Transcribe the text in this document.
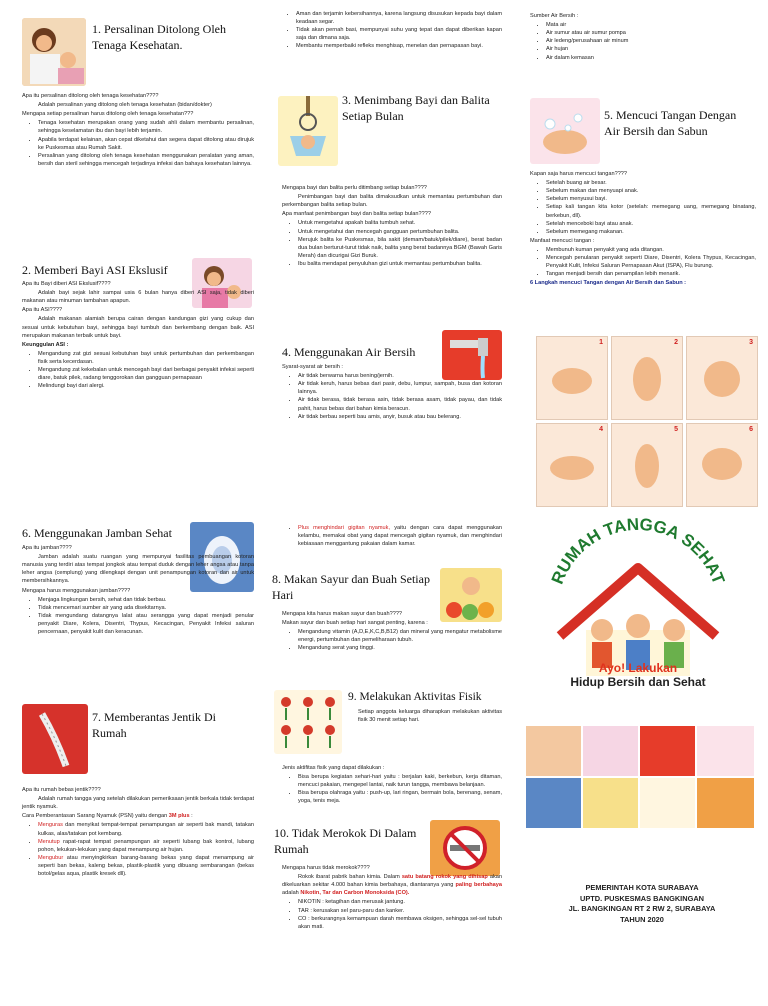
1. Persalinan Ditolong Oleh Tenaga Kesehatan.

Apa itu persalinan ditolong oleh tenaga kesehatan????

Adalah persalinan yang ditolong oleh tenaga kesehatan (bidan/dokter)

Mengapa setiap persalinan harus ditolong oleh tenaga kesehatan???

• Tenaga kesehatan merupakan orang yang sudah ahli dalam membantu persalinan, sehingga keselamatan ibu dan bayi lebih terjamin.
• Apabila terdapat kelainan, akan cepat diketahui dan segera dapat ditolong atau dirujuk ke Puskesmas atau Rumah Sakit.
• Persalinan yang ditolong oleh tenaga kesehatan menggunakan peralatan yang aman, bersih dan steril sehingga mencegah terjadinya infeksi dan bahaya kesehatan lainnya.
2. Memberi Bayi ASI Ekslusif

Apa itu Bayi diberi ASI Ekslusif????

Adalah bayi sejak lahir sampai usia 6 bulan hanya diberi ASI saja, tidak diberi makanan atau minuman tambahan apapun.

Apa itu ASI????

Adalah makanan alamiah berupa cairan dengan kandungan gizi yang cukup dan sesuai untuk kebutuhan bayi, sehingga bayi tumbuh dan berkembang dengan baik. ASI merupakan makanan terbaik untuk bayi.

Keunggulan ASI :

• Mengandung zat gizi sesuai kebutuhan bayi untuk pertumbuhan dan perkembangan fisik serta kecerdasan.
• Mengandung zat kekebalan untuk mencegah bayi dari berbagai penyakit infeksi seperti diare, batuk pilek, radang tenggorokan dan gangguan pernapasan
• Melindungi bayi dari alergi.
• Aman dan terjamin kebersihannya, karena langsung disusukan kepada bayi dalam keadaan segar.
• Tidak akan pernah basi, mempunyai suhu yang tepat dan dapat diberikan kapan saja dan dimana saja.
• Membantu memperbaiki refleks menghisap, menelan dan pernapasan bayi.
3. Menimbang Bayi dan Balita Setiap Bulan

Mengapa bayi dan balita perlu ditimbang setiap bulan????

Penimbangan bayi dan balita dimaksudkan untuk memantau pertumbuhan dan perkembangan balita setiap bulan.

Apa manfaat penimbangan bayi dan balita setiap bulan????

• Untuk mengetahui apakah balita tumbuh sehat.
• Untuk mengetahui dan mencegah gangguan pertumbuhan balita.
• Merujuk balita ke Puskesmas, bila sakit (demam/batuk/pilek/diare), berat badan dua bulan berturut-turut tidak naik, balita yang berat badannya BGM (Bawah Garis Merah) dan dicurigai Gizi Buruk.
• Ibu balita mendapat penyuluhan gizi untuk memantau pertumbuhan balita.
4. Menggunakan Air Bersih

Syarat-syarat air bersih :

• Air tidak berwarna harus bening/jernih.
• Air tidak keruh, harus bebas dari pasir, debu, lumpur, sampah, busa dan kotoran lainnya.
• Air tidak berasa, tidak berasa asin, tidak berasa asam, tidak payau, dan tidak pahit, harus bebas dari bahan kimia beracun.
• Air tidak berbau seperti bau amis, anyir, busuk atau bau belerang.

Sumber Air Bersih :

• Mata air
• Air sumur atau air sumur pompa
• Air ledeng/perusahaan air minum
• Air hujan
• Air dalam kemasan
5. Mencuci Tangan Dengan Air Bersih dan Sabun

Kapan saja harus mencuci tangan????

• Setelah buang air besar.
• Sebelum makan dan menyuapi anak.
• Sebelum menyusui bayi.
• Setiap kali tangan kita kotor (setelah: memegang uang, memegang binatang, berkebun, dll).
• Setelah menceboki bayi atau anak.
• Sebelum memegang makanan.

Manfaat mencuci tangan :

• Membunuh kuman penyakit yang ada ditangan.
• Mencegah penularan penyakit seperti Diare, Disentri, Kolera Thypus, Kecacingan, Penyakit Kulit, Infeksi Saluran Pernapasan Akut (ISPA), Flu burung.
• Tangan menjadi bersih dan penampilan lebih menarik.

6 Langkah mencuci Tangan dengan Air Bersih dan Sabun :

1	2	3
4	5	6
6. Menggunakan Jamban Sehat

Apa itu jamban????

Jamban adalah suatu ruangan yang mempunyai fasilitas pembuangan kotoran manusia yang terdiri atas tempat jongkok atau tempat duduk dengan leher angsa atau tanpa leher angsa (cemplung) yang dilengkapi dengan unit penampungan kotoran dan air untuk membersihkannya.

Mengapa harus menggunakan jamban????

• Menjaga lingkungan bersih, sehat dan tidak berbau.
• Tidak mencemari sumber air yang ada disekitarnya.
• Tidak mengundang datangnya lalat atau serangga yang dapat menjadi penular penyakit Diare, Kolera, Disentri, Thypus, Kecacingan, Penyakit Infeksi saluran pencernaan, penyakit kulit dan keracunan.
7. Memberantas Jentik Di Rumah

Apa itu rumah bebas jentik????

Adalah rumah tangga yang setelah dilakukan pemeriksaan jentik berkala tidak terdapat jentik nyamuk.

Cara Pemberantasan Sarang Nyamuk (PSN) yaitu dengan 3M plus :

• Menguras dan menyikat tempat-tempat penampungan air seperti bak mandi, tatakan kulkas, alas/tatakan pot kembang.
• Menutup rapat-rapat tempat penampungan air seperti lubang bak kontrol, lubang pohon, lekukan-lekukan yang dapat menampung air hujan.
• Mengubur atau menyingkirkan barang-barang bekas yang dapat menampung air seperti ban bekas, kaleng bekas, plastik-plastik yang dibuang sembarangan (bekas botol/gelas aqua, plastik kresek dll).
• Plus menghindari gigitan nyamuk, yaitu dengan cara dapat menggunakan kelambu, memakai obat yang dapat mencegah gigitan nyamuk, dan menghindari kebiasaan menggantung pakaian dalam kamar.
8. Makan Sayur dan Buah Setiap Hari

Mengapa kita harus makan sayur dan buah????

Makan sayur dan buah setiap hari sangat penting, karena :

• Mengandung vitamin (A,D,E,K,C,B,B12) dan mineral yang mengatur metabolisme energi, pertumbuhan dan pemeliharaan tubuh.
• Mengandung serat yang tinggi.
9. Melakukan Aktivitas Fisik

Setiap anggota keluarga diharapkan melakukan aktivitas fisik 30 menit setiap hari.

Jenis aktifitas fisik yang dapat dilakukan :

• Bisa berupa kegiatan sehari-hari yaitu : berjalan kaki, berkebun, kerja ditaman, mencuci pakaian, mengepel lantai, naik turun tangga, membawa belanjaan.
• Bisa berupa olahraga yaitu : push-up, lari ringan, bermain bola, berenang, senam, yoga, tenis meja.
10. Tidak Merokok Di Dalam Rumah

Mengapa harus tidak merokok????

Rokok ibarat pabrik bahan kimia. Dalam satu batang rokok yang dihisap akan dikeluarkan sekitar 4.000 bahan kimia berbahaya, diantaranya yang paling berbahaya adalah Nikotin, Tar dan Carbon Monoksida (CO).

• NIKOTIN : ketagihan dan merusak jantung.
• TAR : kerusakan sel paru-paru dan kanker.
• CO : berkurangnya kemampuan darah membawa oksigen, sehingga sel-sel tubuh akan mati.
RUMAH TANGGA SEHAT
Ayo! Lakukan
Hidup Bersih dan Sehat
PEMERINTAH KOTA SURABAYA
UPTD. PUSKESMAS BANGKINGAN
JL. BANGKINGAN RT 2 RW 2, SURABAYA
TAHUN 2020
